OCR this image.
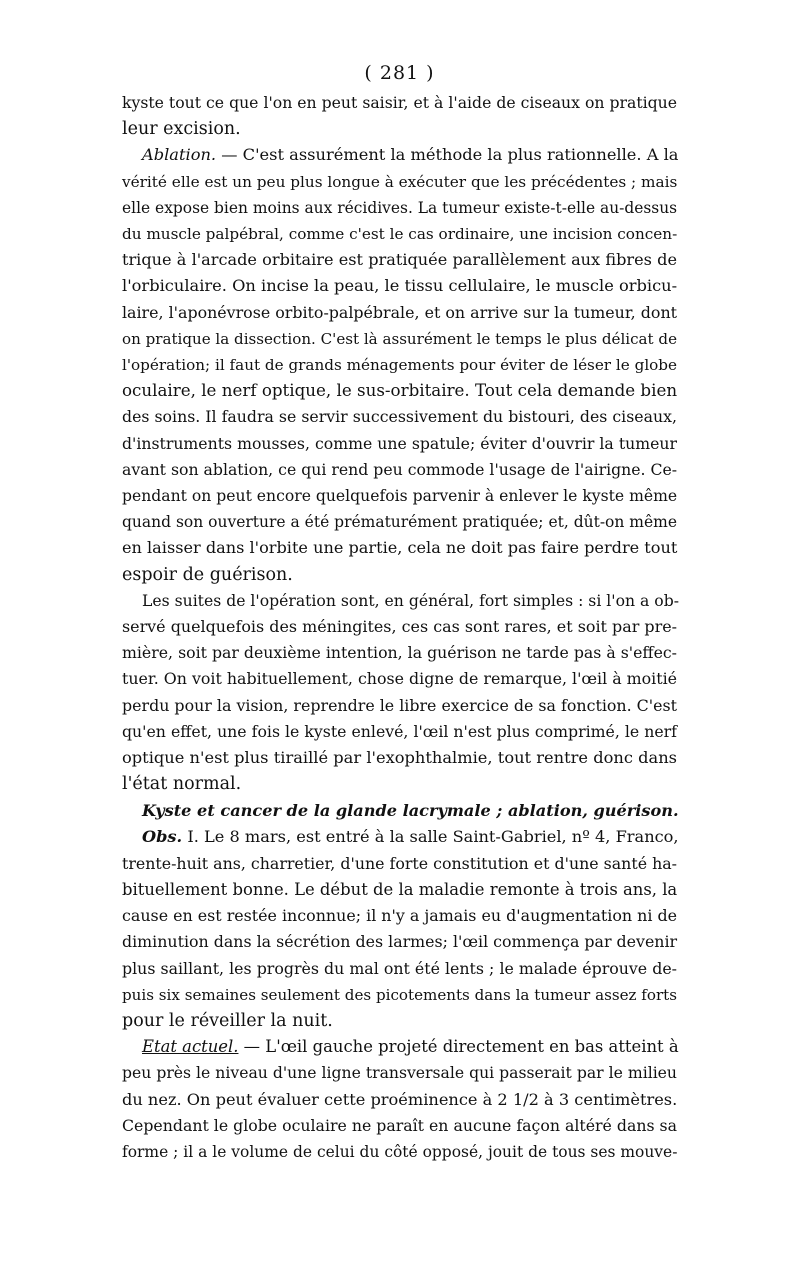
( 281 )

kyste tout ce que l'on en peut saisir, et à l'aide de ciseaux on pratique
leur excision.

Ablation. — C'est assurément la méthode la plus rationnelle. A la
vérité elle est un peu plus longue à exécuter que les précédentes ; mais
elle expose bien moins aux récidives. La tumeur existe-t-elle au-dessus
du muscle palpébral, comme c'est le cas ordinaire, une incision concen-
trique à l'arcade orbitaire est pratiquée parallèlement aux fibres de
l'orbiculaire. On incise la peau, le tissu cellulaire, le muscle orbicu-
laire, l'aponévrose orbito-palpébrale, et on arrive sur la tumeur, dont
on pratique la dissection. C'est là assurément le temps le plus délicat de
l'opération; il faut de grands ménagements pour éviter de léser le globe
oculaire, le nerf optique, le sus-orbitaire. Tout cela demande bien
des soins. Il faudra se servir successivement du bistouri, des ciseaux,
d'instruments mousses, comme une spatule; éviter d'ouvrir la tumeur
avant son ablation, ce qui rend peu commode l'usage de l'airigne. Ce-
pendant on peut encore quelquefois parvenir à enlever le kyste même
quand son ouverture a été prématurément pratiquée; et, dût-on même
en laisser dans l'orbite une partie, cela ne doit pas faire perdre tout
espoir de guérison.

Les suites de l'opération sont, en général, fort simples : si l'on a ob-
servé quelquefois des méningites, ces cas sont rares, et soit par pre-
mière, soit par deuxième intention, la guérison ne tarde pas à s'effec-
tuer. On voit habituellement, chose digne de remarque, l'œil à moitié
perdu pour la vision, reprendre le libre exercice de sa fonction. C'est
qu'en effet, une fois le kyste enlevé, l'œil n'est plus comprimé, le nerf
optique n'est plus tiraillé par l'exophthalmie, tout rentre donc dans
l'état normal.

Kyste et cancer de la glande lacrymale ; ablation, guérison.

Obs. I. Le 8 mars, est entré à la salle Saint-Gabriel, nº 4, Franco,
trente-huit ans, charretier, d'une forte constitution et d'une santé ha-
bituellement bonne. Le début de la maladie remonte à trois ans, la
cause en est restée inconnue; il n'y a jamais eu d'augmentation ni de
diminution dans la sécrétion des larmes; l'œil commença par devenir
plus saillant, les progrès du mal ont été lents ; le malade éprouve de-
puis six semaines seulement des picotements dans la tumeur assez forts
pour le réveiller la nuit.

Etat actuel. — L'œil gauche projeté directement en bas atteint à
peu près le niveau d'une ligne transversale qui passerait par le milieu
du nez. On peut évaluer cette proéminence à 2 1/2 à 3 centimètres.
Cependant le globe oculaire ne paraît en aucune façon altéré dans sa
forme ; il a le volume de celui du côté opposé, jouit de tous ses mouve-
